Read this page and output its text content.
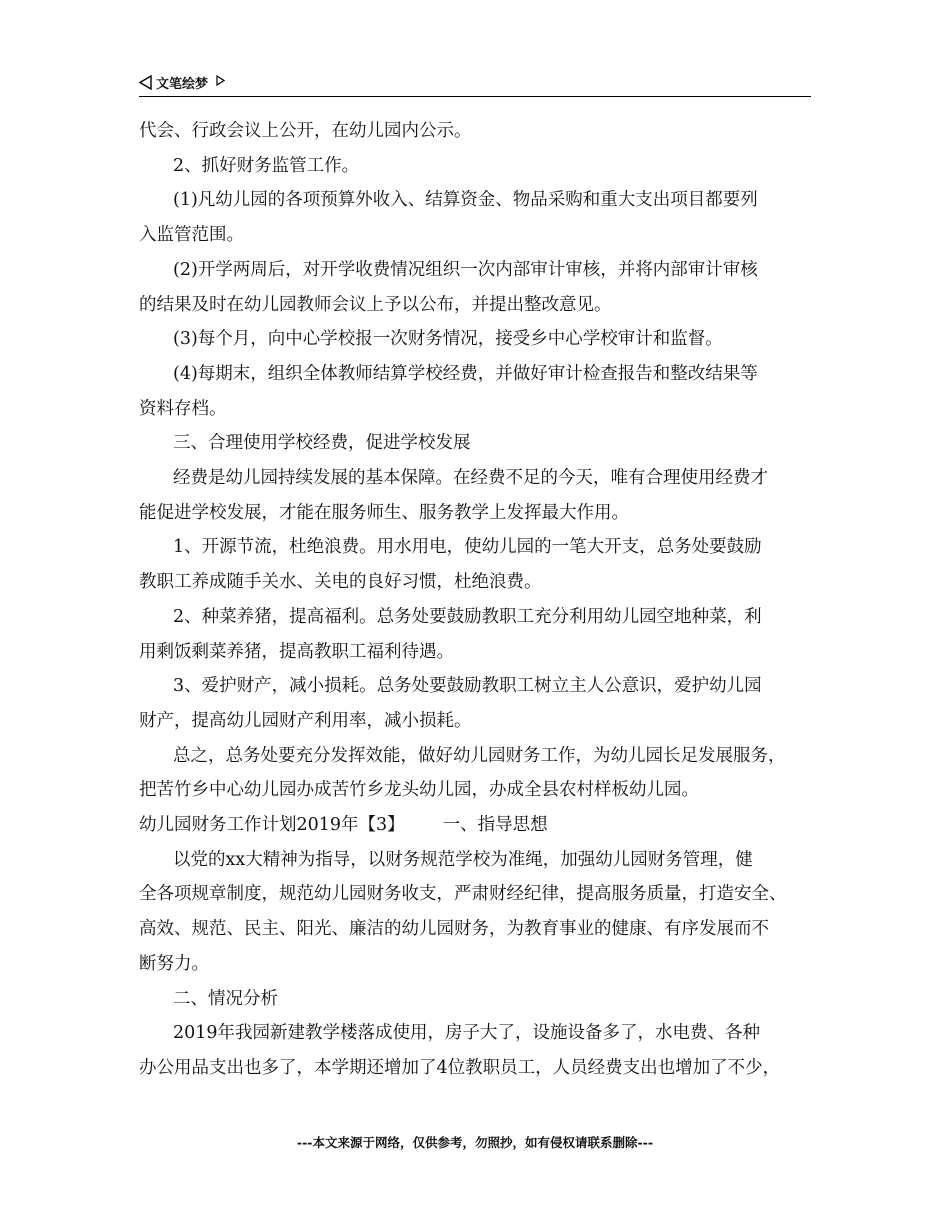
文笔绘梦
代会、行政会议上公开，在幼儿园内公示。
2、抓好财务监管工作。
(1)凡幼儿园的各项预算外收入、结算资金、物品采购和重大支出项目都要列
入监管范围。
(2)开学两周后，对开学收费情况组织一次内部审计审核，并将内部审计审核
的结果及时在幼儿园教师会议上予以公布，并提出整改意见。
(3)每个月，向中心学校报一次财务情况，接受乡中心学校审计和监督。
(4)每期末，组织全体教师结算学校经费，并做好审计检查报告和整改结果等
资料存档。
三、合理使用学校经费，促进学校发展
经费是幼儿园持续发展的基本保障。在经费不足的今天，唯有合理使用经费才
能促进学校发展，才能在服务师生、服务教学上发挥最大作用。
1、开源节流，杜绝浪费。用水用电，使幼儿园的一笔大开支，总务处要鼓励
教职工养成随手关水、关电的良好习惯，杜绝浪费。
2、种菜养猪，提高福利。总务处要鼓励教职工充分利用幼儿园空地种菜，利
用剩饭剩菜养猪，提高教职工福利待遇。
3、爱护财产，减小损耗。总务处要鼓励教职工树立主人公意识，爱护幼儿园
财产，提高幼儿园财产利用率，减小损耗。
总之，总务处要充分发挥效能，做好幼儿园财务工作，为幼儿园长足发展服务，
把苦竹乡中心幼儿园办成苦竹乡龙头幼儿园，办成全县农村样板幼儿园。
幼儿园财务工作计划2019年【3】 一、指导思想
以党的xx大精神为指导，以财务规范学校为准绳，加强幼儿园财务管理，健
全各项规章制度，规范幼儿园财务收支，严肃财经纪律，提高服务质量，打造安全、
高效、规范、民主、阳光、廉洁的幼儿园财务，为教育事业的健康、有序发展而不
断努力。
二、情况分析
2019年我园新建教学楼落成使用，房子大了，设施设备多了，水电费、各种
办公用品支出也多了，本学期还增加了4位教职员工，人员经费支出也增加了不少，
---本文来源于网络，仅供参考，勿照抄，如有侵权请联系删除---
